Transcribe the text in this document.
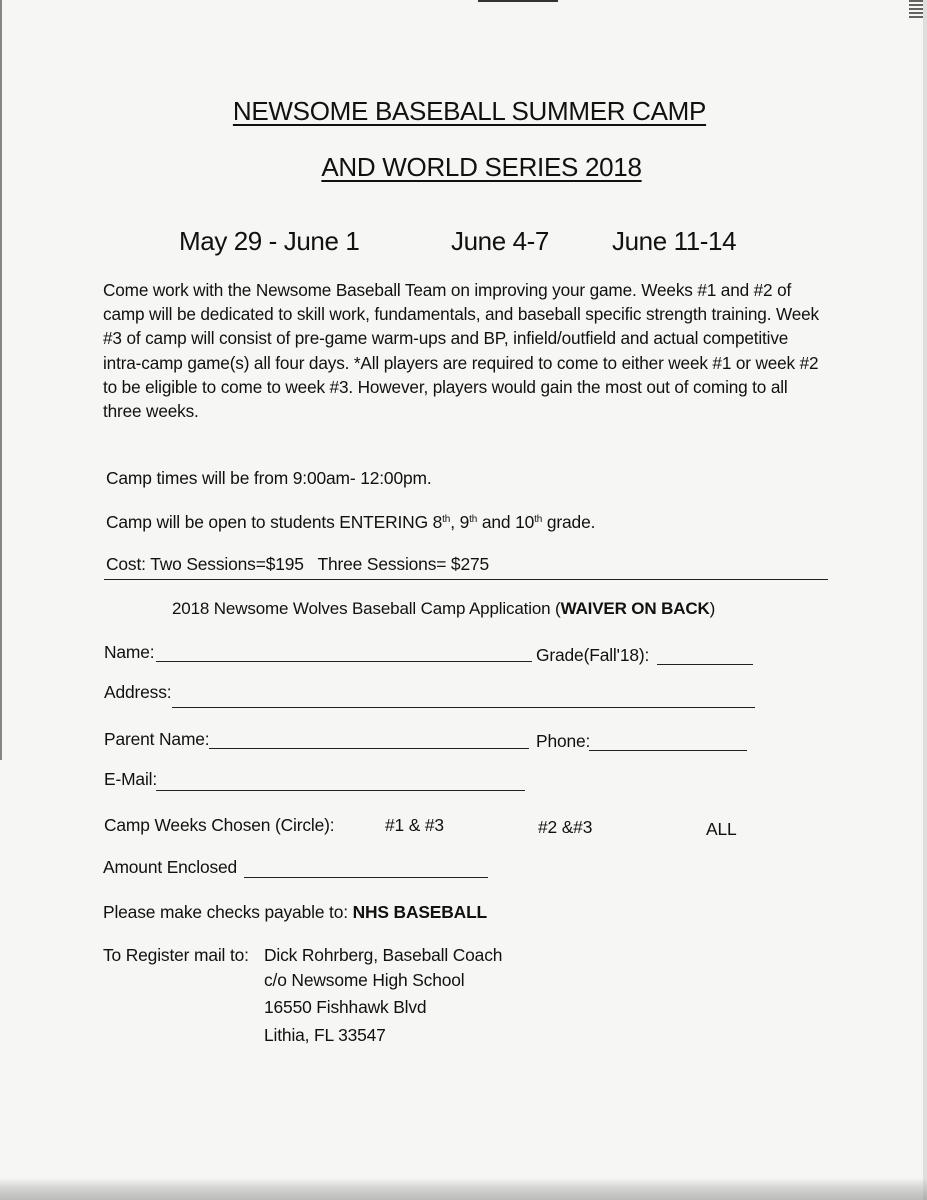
NEWSOME BASEBALL SUMMER CAMP
AND WORLD SERIES 2018
May 29 - June 1	June 4-7 June 11-14

Come work with the Newsome Baseball Team on improving your game. Weeks #1 and #2 of camp will be dedicated to skill work, fundamentals, and baseball specific strength training. Week #3 of camp will consist of pre-game warm-ups and BP, infield/outfield and actual competitive intra-camp game(s) all four days. *All players are required to come to either week #1 or week #2 to be eligible to come to week #3. However, players would gain the most out of coming to all three weeks.

Camp times will be from 9:00am- 12:00pm.
Camp will be open to students ENTERING 8th, 9th and 10th grade.
Cost: Two Sessions=$195   Three Sessions= $275
2018 Newsome Wolves Baseball Camp Application (WAIVER ON BACK)
Name:	Grade(Fall'18):
Address:
Parent Name:	Phone:
E-Mail:
Camp Weeks Chosen (Circle):	#1 & #3	#2 &#3	ALL
Amount Enclosed
Please make checks payable to: NHS BASEBALL
To Register mail to: Dick Rohrberg, Baseball Coach
c/o Newsome High School
16550 Fishhawk Blvd
Lithia, FL 33547
